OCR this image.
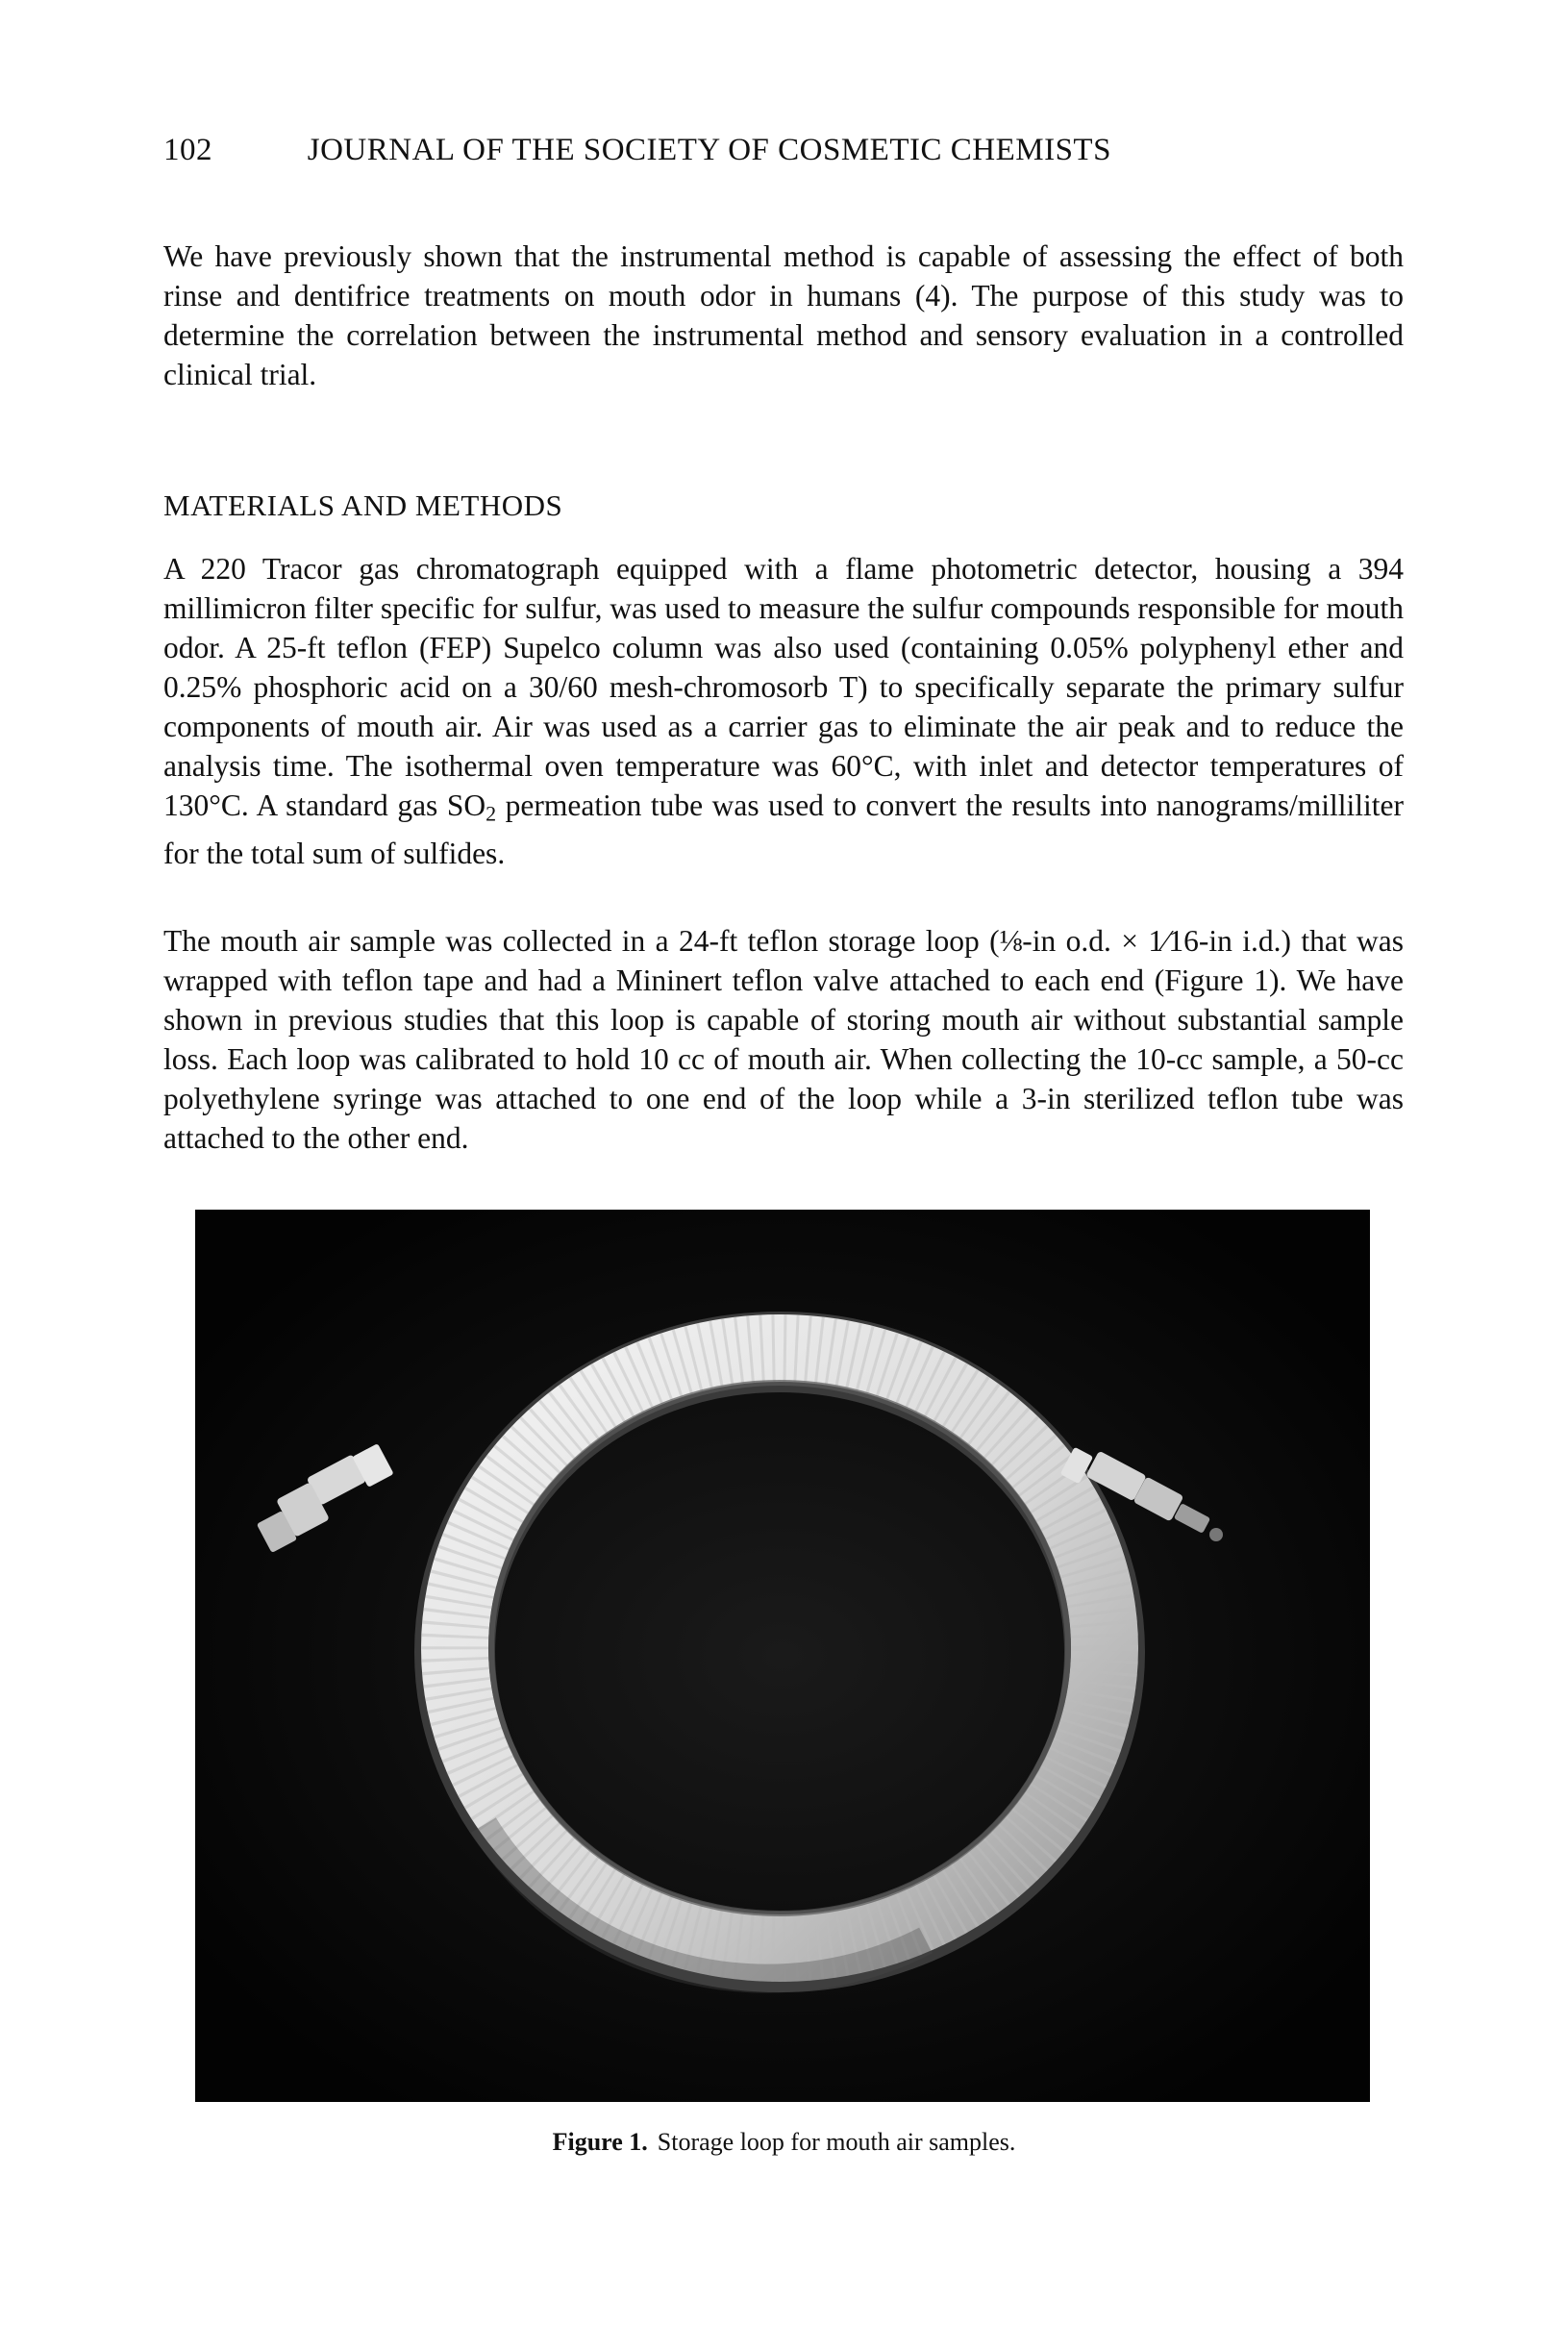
102	JOURNAL OF THE SOCIETY OF COSMETIC CHEMISTS

We have previously shown that the instrumental method is capable of assessing the effect of both rinse and dentifrice treatments on mouth odor in humans (4). The purpose of this study was to determine the correlation between the instrumental method and sensory evaluation in a controlled clinical trial.

MATERIALS AND METHODS

A 220 Tracor gas chromatograph equipped with a flame photometric detector, housing a 394 millimicron filter specific for sulfur, was used to measure the sulfur compounds responsible for mouth odor. A 25-ft teflon (FEP) Supelco column was also used (containing 0.05% polyphenyl ether and 0.25% phosphoric acid on a 30/60 mesh-chromosorb T) to specifically separate the primary sulfur components of mouth air. Air was used as a carrier gas to eliminate the air peak and to reduce the analysis time. The isothermal oven temperature was 60°C, with inlet and detector temperatures of 130°C. A standard gas $SO_2$ permeation tube was used to convert the results into nanograms/milliliter for the total sum of sulfides.

The mouth air sample was collected in a 24-ft teflon storage loop (⅛-in o.d. × 1⁄16-in i.d.) that was wrapped with teflon tape and had a Mininert teflon valve attached to each end (Figure 1). We have shown in previous studies that this loop is capable of storing mouth air without substantial sample loss. Each loop was calibrated to hold 10 cc of mouth air. When collecting the 10-cc sample, a 50-cc polyethylene syringe was attached to one end of the loop while a 3-in sterilized teflon tube was attached to the other end.

Figure 1. Storage loop for mouth air samples.
